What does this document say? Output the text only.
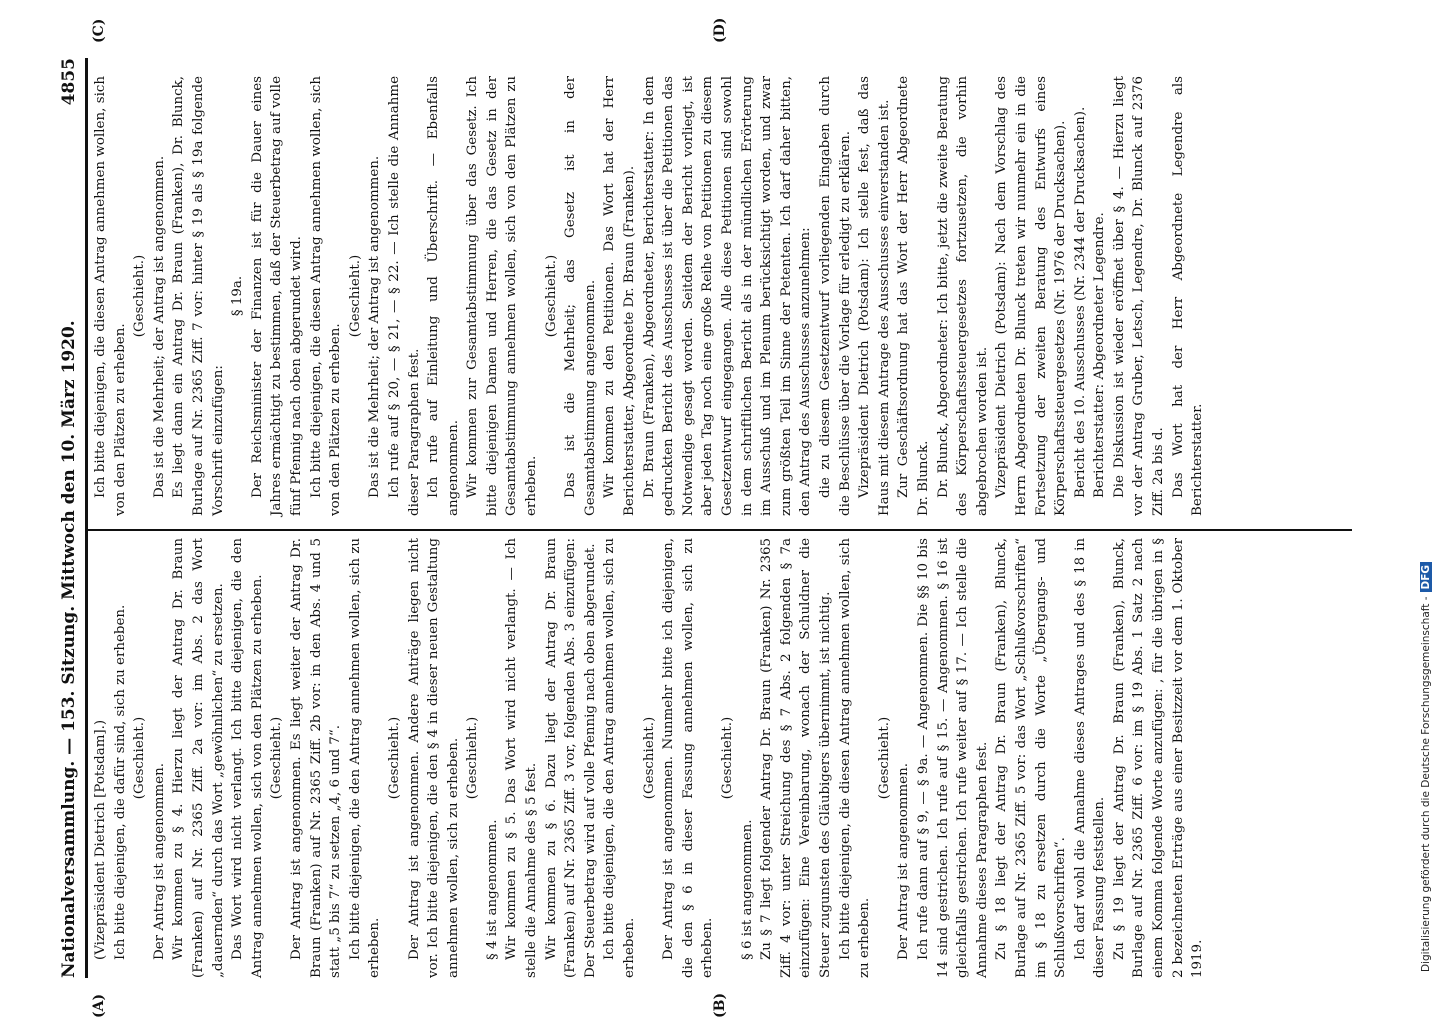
Nationalversammlung. — 153. Sitzung. Mittwoch den 10. März 1920.
4855
(Vizepräsident Dietrich [Potsdam].) Ich bitte diejenigen, die dafür sind, sich zu erheben. (Geschieht.)
Der Antrag ist angenommen. Wir kommen zu § 4. Hierzu liegt der Antrag Dr. Braun (Franken) auf Nr. 2365 Ziff. 2a vor: im Abs. 2 das Wort „dauernden“ durch das Wort „gewöhnlichen“ zu ersetzen. Das Wort wird nicht verlangt. Ich bitte diejenigen, die den Antrag annehmen wollen, sich von den Plätzen zu erheben. (Geschieht.) Der Antrag ist angenommen. Es liegt weiter der Antrag Dr. Braun (Franken) auf Nr. 2365 Ziff. 2b vor: in den Abs. 4 und 5 statt „5 bis 7“ zu setzen „4, 6 und 7“. Ich bitte diejenigen, die den Antrag annehmen wollen, sich zu erheben.
(Geschieht.) Der Antrag ist angenommen. Andere Anträge liegen nicht vor. Ich bitte diejenigen, die den § 4 in dieser neuen Gestaltung annehmen wollen, sich zu erheben. (Geschieht.)
§ 4 ist angenommen. Wir kommen zu § 5. Das Wort wird nicht verlangt. — Ich stelle die Annahme des § 5 fest. Wir kommen zu § 6. Dazu liegt der Antrag Dr. Braun (Franken) auf Nr. 2365 Ziff. 3 vor, folgenden Abs. 3 einzufügen: Der Steuerbetrag wird auf volle Pfennig nach oben abgerundet. Ich bitte diejenigen, die den Antrag annehmen wollen, sich zu erheben.
(Geschieht.) Der Antrag ist angenommen. Nunmehr bitte ich diejenigen, die den § 6 in dieser Fassung annehmen wollen, sich zu erheben.
(Geschieht.)
§ 6 ist angenommen. Zu § 7 liegt folgender Antrag Dr. Braun (Franken) Nr. 2365 Ziff. 4 vor: unter Streichung des § 7 Abs. 2 folgenden § 7a einzufügen: Eine Vereinbarung, wonach der Schuldner die Steuer zugunsten des Gläubigers übernimmt, ist nichtig. Ich bitte diejenigen, die diesen Antrag annehmen wollen, sich zu erheben.
(Geschieht.)
Der Antrag ist angenommen. Ich rufe dann auf § 9, — § 9a. — Angenommen. Die §§ 10 bis 14 sind gestrichen. Ich rufe auf § 15. — Angenommen. § 16 ist gleichfalls gestrichen. Ich rufe weiter auf § 17. — Ich stelle die Annahme dieses Paragraphen fest. Zu § 18 liegt der Antrag Dr. Braun (Franken), Blunck, Burlage auf Nr. 2365 Ziff. 5 vor: das Wort „Schlußvorschriften“ im § 18 zu ersetzen durch die Worte „Übergangs- und Schlußvorschriften“. Ich darf wohl die Annahme dieses Antrages und des § 18 in dieser Fassung feststellen. Zu § 19 liegt der Antrag Dr. Braun (Franken), Blunck, Burlage auf Nr. 2365 Ziff. 6 vor: im § 19 Abs. 1 Satz 2 nach einem Komma folgende Worte anzufügen: , für die übrigen in § 2 bezeichneten Erträge aus einer Besitzzeit vor dem 1. Oktober 1919.
Ich bitte diejenigen, die diesen Antrag annehmen wollen, sich von den Plätzen zu erheben.
(Geschieht.) Das ist die Mehrheit; der Antrag ist angenommen. Es liegt dann ein Antrag Dr. Braun (Franken), Dr. Blunck, Burlage auf Nr. 2365 Ziff. 7 vor: hinter § 19 als § 19a folgende Vorschrift einzufügen:
§ 19a. Der Reichsminister der Finanzen ist für die Dauer eines Jahres ermächtigt zu bestimmen, daß der Steuerbetrag auf volle fünf Pfennig nach oben abgerundet wird. Ich bitte diejenigen, die diesen Antrag annehmen wollen, sich von den Plätzen zu erheben.
(Geschieht.) Das ist die Mehrheit; der Antrag ist angenommen. Ich rufe auf § 20, — § 21, — § 22. — Ich stelle die Annahme dieser Paragraphen fest. Ich rufe auf Einleitung und Überschrift. — Ebenfalls angenommen. Wir kommen zur Gesamtabstimmung über das Gesetz. Ich bitte diejenigen Damen und Herren, die das Gesetz in der Gesamtabstimmung annehmen wollen, sich von den Plätzen zu erheben.
(Geschieht.) Das ist die Mehrheit; das Gesetz ist in der Gesamtabstimmung angenommen. Wir kommen zu den Petitionen. Das Wort hat der Herr Berichterstatter, Abgeordnete Dr. Braun (Franken). Dr. Braun (Franken), Abgeordneter, Berichterstatter: In dem gedruckten Bericht des Ausschusses ist über die Petitionen das Notwendige gesagt worden. Seitdem der Bericht vorliegt, ist aber jeden Tag noch eine große Reihe von Petitionen zu diesem Gesetzentwurf eingegangen. Alle diese Petitionen sind sowohl in dem schriftlichen Bericht als in der mündlichen Erörterung im Ausschuß und im Plenum berücksichtigt worden, und zwar zum größten Teil im Sinne der Petenten. Ich darf daher bitten, den Antrag des Ausschusses anzunehmen: die zu diesem Gesetzentwurf vorliegenden Eingaben durch die Beschlüsse über die Vorlage für erledigt zu erklären. Vizepräsident Dietrich (Potsdam): Ich stelle fest, daß das Haus mit diesem Antrage des Ausschusses einverstanden ist. Zur Geschäftsordnung hat das Wort der Herr Abgeordnete Dr. Blunck. Dr. Blunck, Abgeordneter: Ich bitte, jetzt die zweite Beratung des Körperschaftssteuergesetzes fortzusetzen, die vorhin abgebrochen worden ist. Vizepräsident Dietrich (Potsdam): Nach dem Vorschlag des Herrn Abgeordneten Dr. Blunck treten wir nunmehr ein in die Fortsetzung der zweiten Beratung des Entwurfs eines Körperschaftssteuergesetzes (Nr. 1976 der Drucksachen). Bericht des 10. Ausschusses (Nr. 2344 der Drucksachen). Berichterstatter: Abgeordneter Legendre. Die Diskussion ist wieder eröffnet über § 4. — Hierzu liegt vor der Antrag Gruber, Letsch, Legendre, Dr. Blunck auf 2376 Ziff. 2a bis d. Das Wort hat der Herr Abgeordnete Legendre als Berichterstatter.
(A)	(B)
(C)	(D)
Digitalisierung gefördert durch die Deutsche Forschungsgemeinschaft -DFG
